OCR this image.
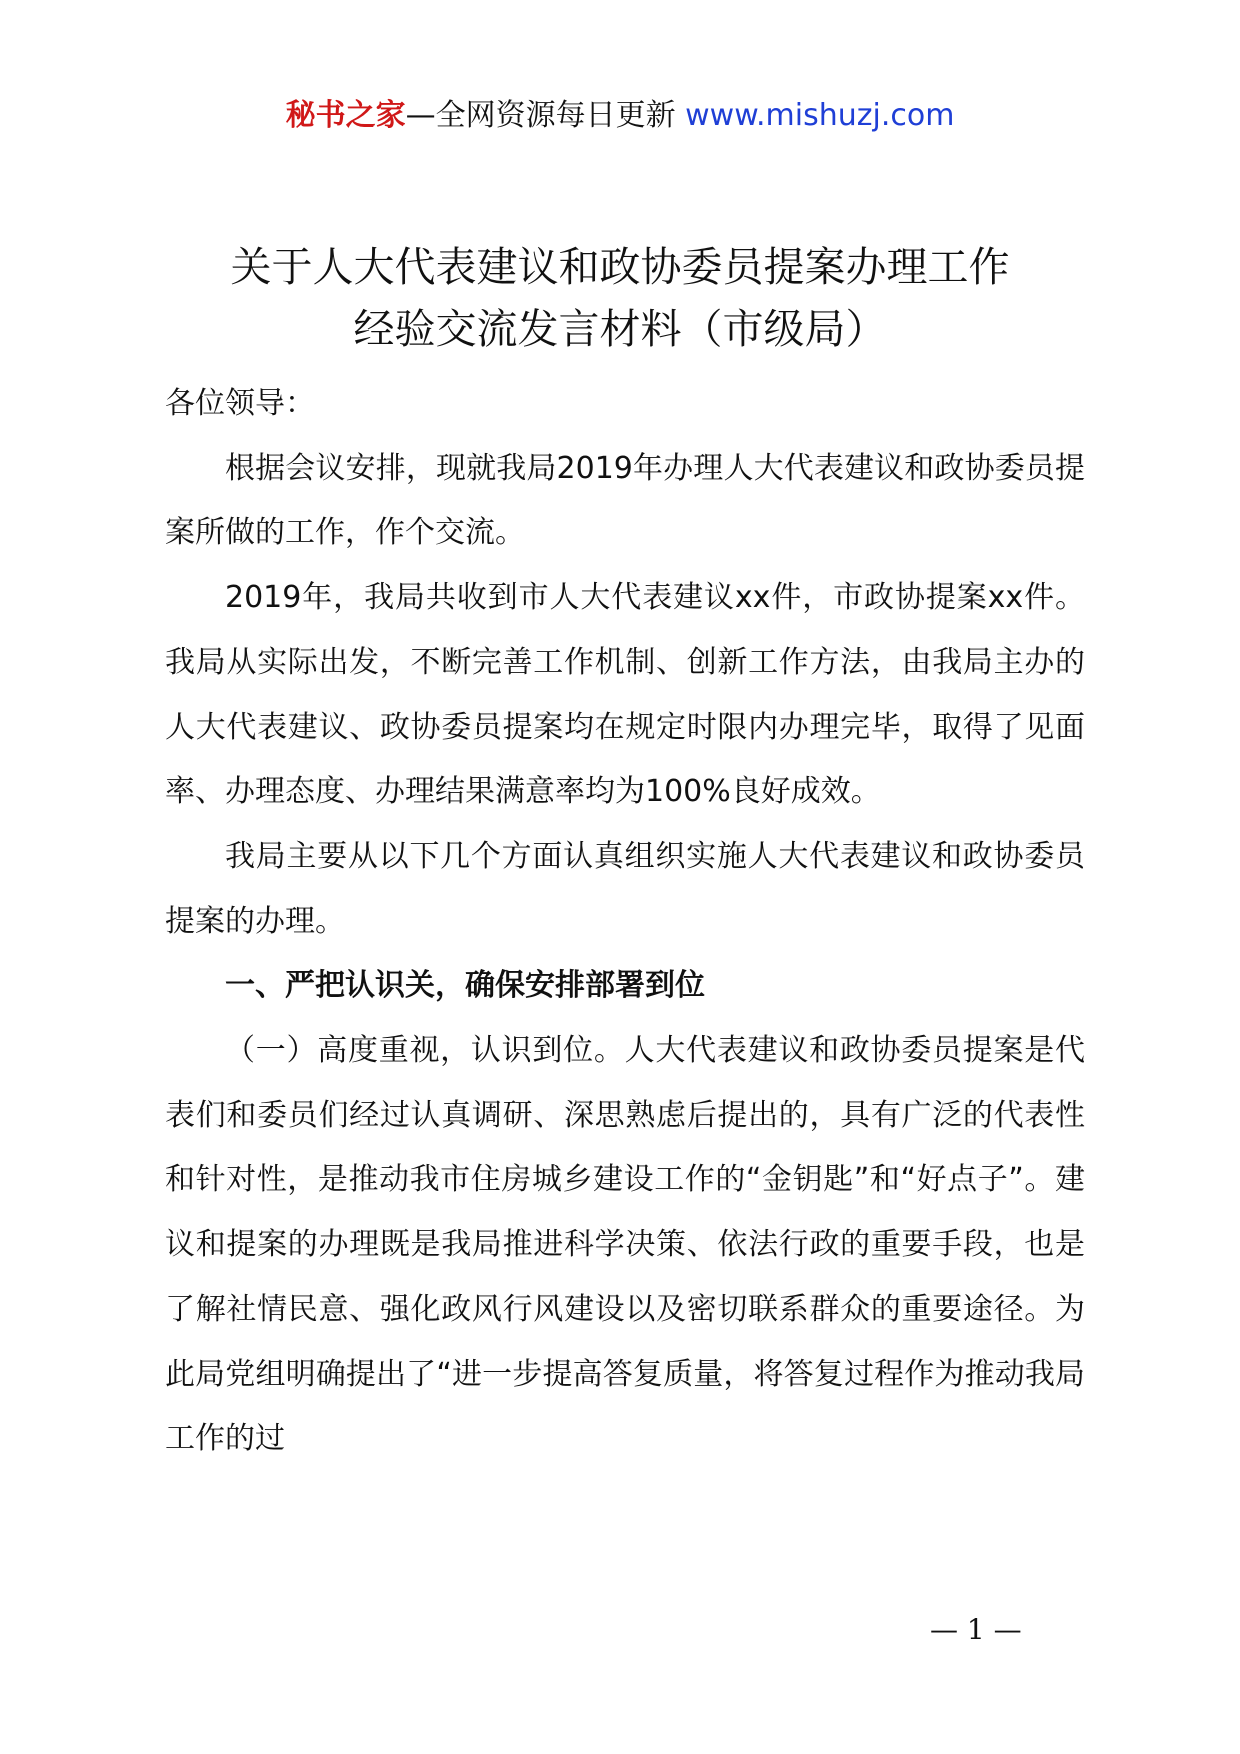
秘书之家—全网资源每日更新 www.mishuzj.com
关于人大代表建议和政协委员提案办理工作
经验交流发言材料（市级局）

各位领导：

根据会议安排，现就我局2019年办理人大代表建议和政协委员提案所做的工作，作个交流。

2019年，我局共收到市人大代表建议xx件，市政协提案xx件。我局从实际出发，不断完善工作机制、创新工作方法，由我局主办的人大代表建议、政协委员提案均在规定时限内办理完毕，取得了见面率、办理态度、办理结果满意率均为100%良好成效。

我局主要从以下几个方面认真组织实施人大代表建议和政协委员提案的办理。

一、严把认识关，确保安排部署到位

（一）高度重视，认识到位。人大代表建议和政协委员提案是代表们和委员们经过认真调研、深思熟虑后提出的，具有广泛的代表性和针对性，是推动我市住房城乡建设工作的“金钥匙”和“好点子”。建议和提案的办理既是我局推进科学决策、依法行政的重要手段，也是了解社情民意、强化政风行风建设以及密切联系群众的重要途径。为此局党组明确提出了“进一步提高答复质量，将答复过程作为推动我局工作的过

— 1 —
